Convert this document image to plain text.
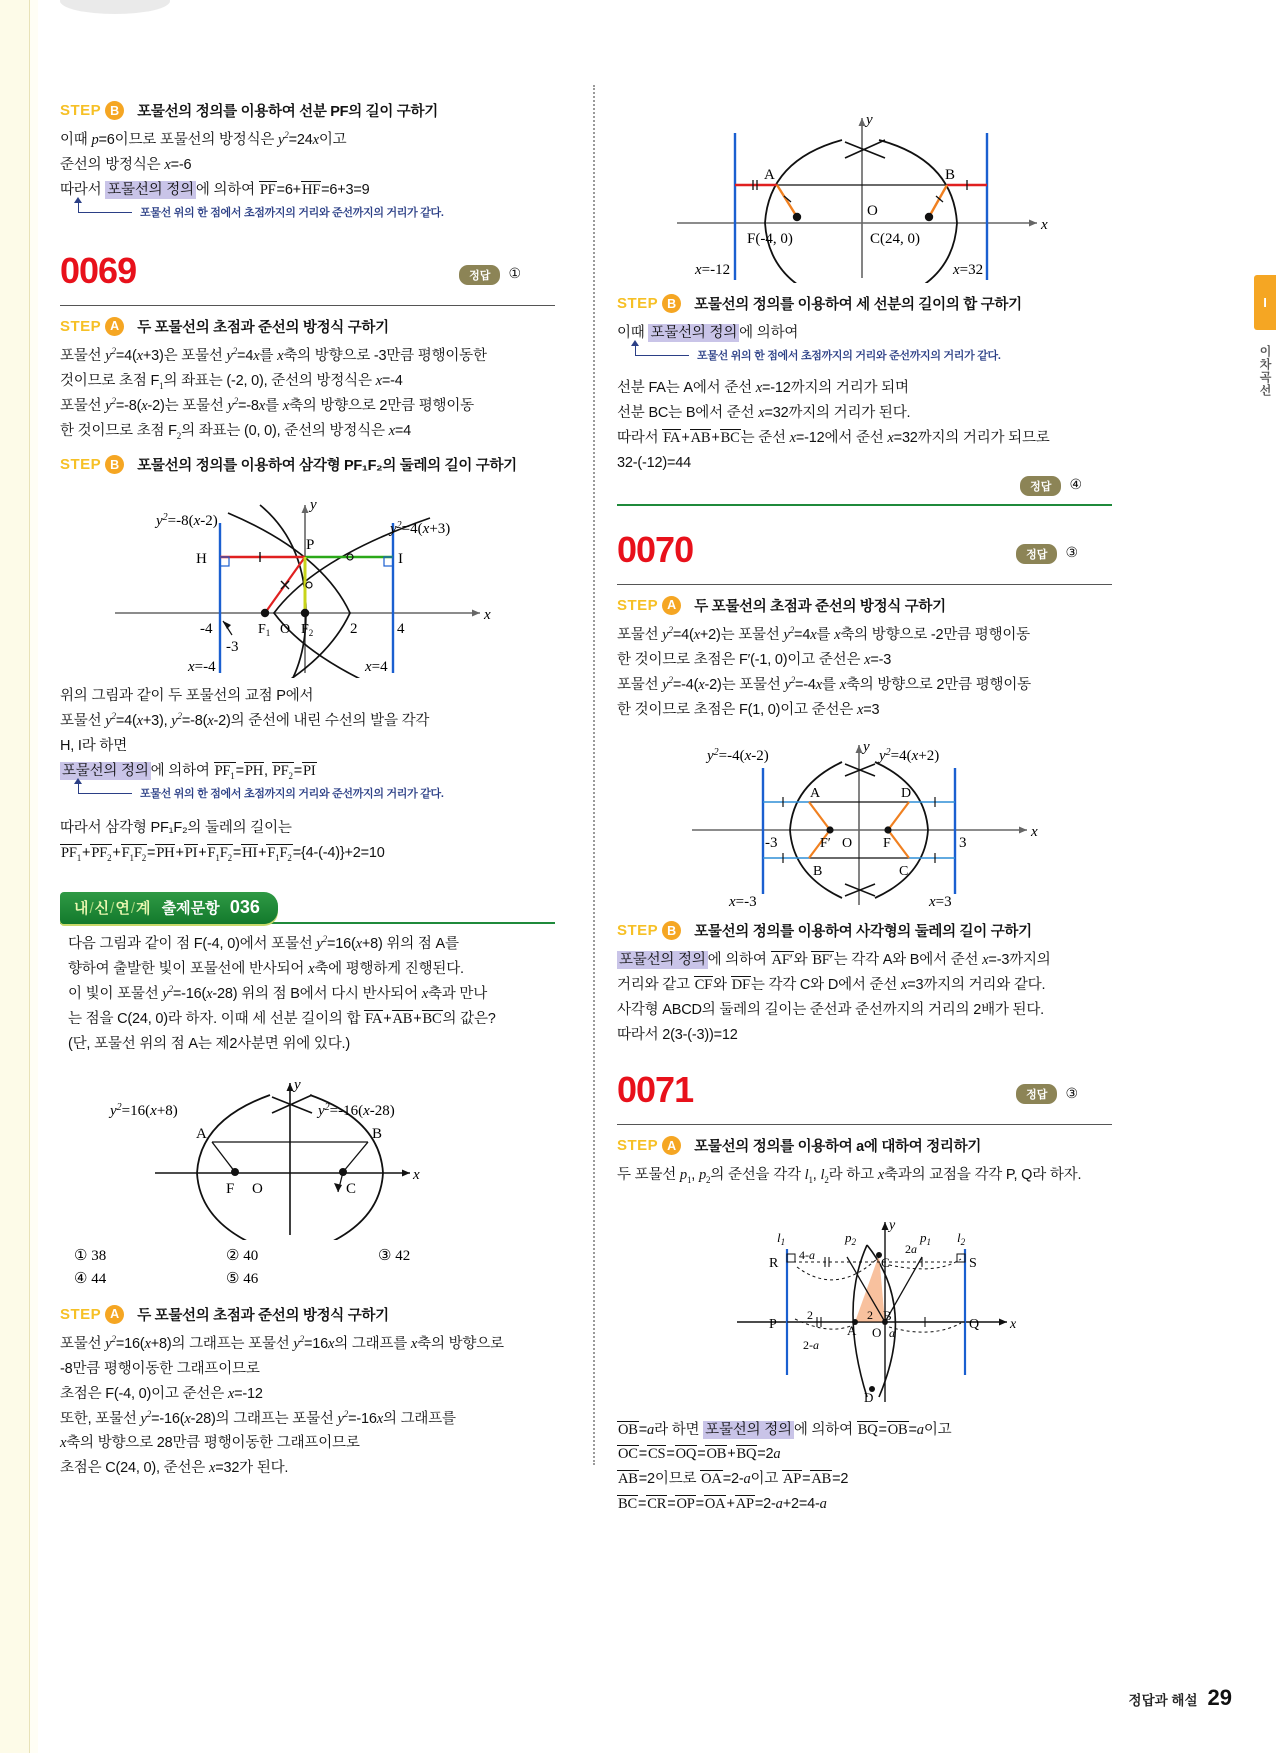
I
이차곡선
STEP B	포물선의 정의를 이용하여 선분 PF의 길이 구하기
이때 p=6이므로 포물선의 방정식은 $y^2=24x$이고
준선의 방정식은 x=-6
따라서 포물선의 정의 에 의하여 PF=6+HF=6+3=9
포물선 위의 한 점에서 초점까지의 거리와 준선까지의 거리가 같다.
0069	정답	①
STEP A	두 포물선의 초점과 준선의 방정식 구하기
포물선 $y^2=4(x+3)$은 포물선 $y^2=4x$를 x축의 방향으로 -3만큼 평행이동한
것이므로 초점 $F_1$의 좌표는 (-2, 0), 준선의 방정식은 x=-4
포물선 $y^2=-8(x-2)$는 포물선 $y^2=-8x$를 x축의 방향으로 2만큼 평행이동
한 것이므로 초점 $F_2$의 좌표는 (0, 0), 준선의 방정식은 x=4
STEP B	포물선의 정의를 이용하여 삼각형 PF₁F₂의 둘레의 길이 구하기
x
y
H	I
P
$F_1$ O $F_2$
-4
-3
2	4
$y^2=-8(x-2)$	$y^2=4(x+3)$
x=-4	x=4
위의 그림과 같이 두 포물선의 교점 P에서
포물선 $y^2=4(x+3)$, $y^2=-8(x-2)$의 준선에 내린 수선의 발을 각각
H, I라 하면
포물선의 정의 에 의하여 $PF_1=PH$, $PF_2=PI$
포물선 위의 한 점에서 초점까지의 거리와 준선까지의 거리가 같다.
따라서 삼각형 PF₁F₂의 둘레의 길이는
$PF_1+PF_2+F_1F_2=PH+PI+F_1F_2=HI+F_1F_2=\{4-(-4)\}+2=10$
내/신/연/계 출제문항 036
다음 그림과 같이 점 F(-4, 0)에서 포물선 $y^2=16(x+8)$ 위의 점 A를
향하여 출발한 빛이 포물선에 반사되어 x축에 평행하게 진행된다.
이 빛이 포물선 $y^2=-16(x-28)$ 위의 점 B에서 다시 반사되어 x축과 만나
는 점을 C(24, 0)라 하자. 이때 세 선분 길이의 합 FA+AB+BC의 값은?
(단, 포물선 위의 점 A는 제2사분면 위에 있다.)
x
y
A	B
F O	C
$y^2=16(x+8)$	$y^2=-16(x-28)$
① 38	② 40	③ 42
④ 44	⑤ 46
STEP A	두 포물선의 초점과 준선의 방정식 구하기
포물선 $y^2=16(x+8)$의 그래프는 포물선 $y^2=16x$의 그래프를 x축의 방향으로
-8만큼 평행이동한 그래프이므로
초점은 F(-4, 0)이고 준선은 x=-12
또한, 포물선 $y^2=-16(x-28)$의 그래프는 포물선 $y^2=-16x$의 그래프를
x축의 방향으로 28만큼 평행이동한 그래프이므로
초점은 C(24, 0), 준선은 x=32가 된다.
x
y
A	B
O
F(-4, 0)	C(24, 0)
x=-12	x=32
STEP B	포물선의 정의를 이용하여 세 선분의 길이의 합 구하기
이때 포물선의 정의 에 의하여
포물선 위의 한 점에서 초점까지의 거리와 준선까지의 거리가 같다.
선분 FA는 A에서 준선 x=-12까지의 거리가 되며
선분 BC는 B에서 준선 x=32까지의 거리가 된다.
따라서 FA+AB+BC는 준선 x=-12에서 준선 x=32까지의 거리가 되므로
32-(-12)=44
정답	④
0070	정답	③
STEP A	두 포물선의 초점과 준선의 방정식 구하기
포물선 $y^2=4(x+2)$는 포물선 $y^2=4x$를 x축의 방향으로 -2만큼 평행이동
한 것이므로 초점은 F′(-1, 0)이고 준선은 x=-3
포물선 $y^2=-4(x-2)$는 포물선 $y^2=-4x$를 x축의 방향으로 2만큼 평행이동
한 것이므로 초점은 F(1, 0)이고 준선은 x=3
x
y
A	D
B	C
F′ O F
-3	3
x=-3	x=3
$y^2=-4(x-2)$	$y^2=4(x+2)$
STEP B	포물선의 정의를 이용하여 사각형의 둘레의 길이 구하기
포물선의 정의 에 의하여 AF′와 BF′는 각각 A와 B에서 준선 x=-3까지의
거리와 같고 CF와 DF는 각각 C와 D에서 준선 x=3까지의 거리와 같다.
사각형 ABCD의 둘레의 길이는 준선과 준선까지의 거리의 2배가 된다.
따라서 2(3-(-3))=12
0071	정답	③
STEP A	포물선의 정의를 이용하여 a에 대하여 정리하기
두 포물선 $p_1$, $p_2$의 준선을 각각 $l_1$, $l_2$라 하고 x축과의 교점을 각각 P, Q라 하자.
x
y
$l_1$	$p_2$	$p_1$ $l_2$
R	S
P	Q
A
B
C
D
O
4-a	2a
2	2
2-a
a
OB=a라 하면 포물선의 정의 에 의하여 BQ=OB=a이고
OC=CS=OQ=OB+BQ=2a
AB=2이므로 OA=2-a이고 AP=AB=2
BC=CR=OP=OA+AP=2-a+2=4-a
정답과 해설 29
